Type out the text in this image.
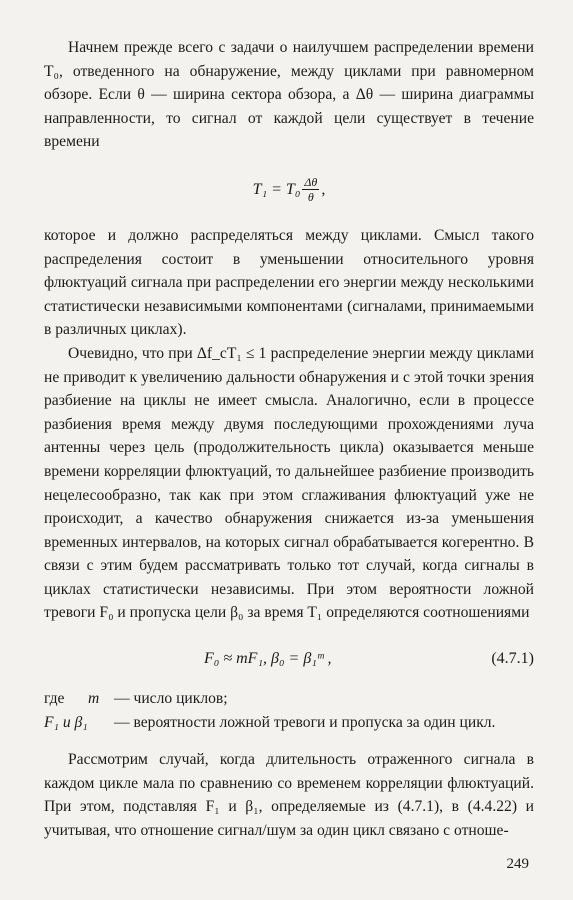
Начнем прежде всего с задачи о наилучшем распределении времени T₀, отведенного на обнаружение, между циклами при равномерном обзоре. Если θ — ширина сектора обзора, а Δθ — ширина диаграммы направленности, то сигнал от каждой цели существует в течение времени

$T_1 = T_0 \frac{\Delta\theta}{\theta}$ ,

которое и должно распределяться между циклами. Смысл такого распределения состоит в уменьшении относительного уровня флюктуаций сигнала при распределении его энергии между несколькими статистически независимыми компонентами (сигналами, принимаемыми в различных циклах).

Очевидно, что при Δf_cT₁ ≤ 1 распределение энергии между циклами не приводит к увеличению дальности обнаружения и с этой точки зрения разбиение на циклы не имеет смысла. Аналогично, если в процессе разбиения время между двумя последующими прохождениями луча антенны через цель (продолжительность цикла) оказывается меньше времени корреляции флюктуаций, то дальнейшее разбиение производить нецелесообразно, так как при этом сглаживания флюктуаций уже не происходит, а качество обнаружения снижается из-за уменьшения временных интервалов, на которых сигнал обрабатывается когерентно. В связи с этим будем рассматривать только тот случай, когда сигналы в циклах статистически независимы. При этом вероятности ложной тревоги F₀ и пропуска цели β₀ за время T₁ определяются соотношениями

F₀ ≈ mF₁, β₀ = β₁ᵐ ,	(4.7.1)
где	m — число циклов;
F₁ и β₁	— вероятности ложной тревоги и пропуска за один цикл.

Рассмотрим случай, когда длительность отраженного сигнала в каждом цикле мала по сравнению со временем корреляции флюктуаций. При этом, подставляя F₁ и β₁, определяемые из (4.7.1), в (4.4.22) и учитывая, что отношение сигнал/шум за один цикл связано с отноше-

249
